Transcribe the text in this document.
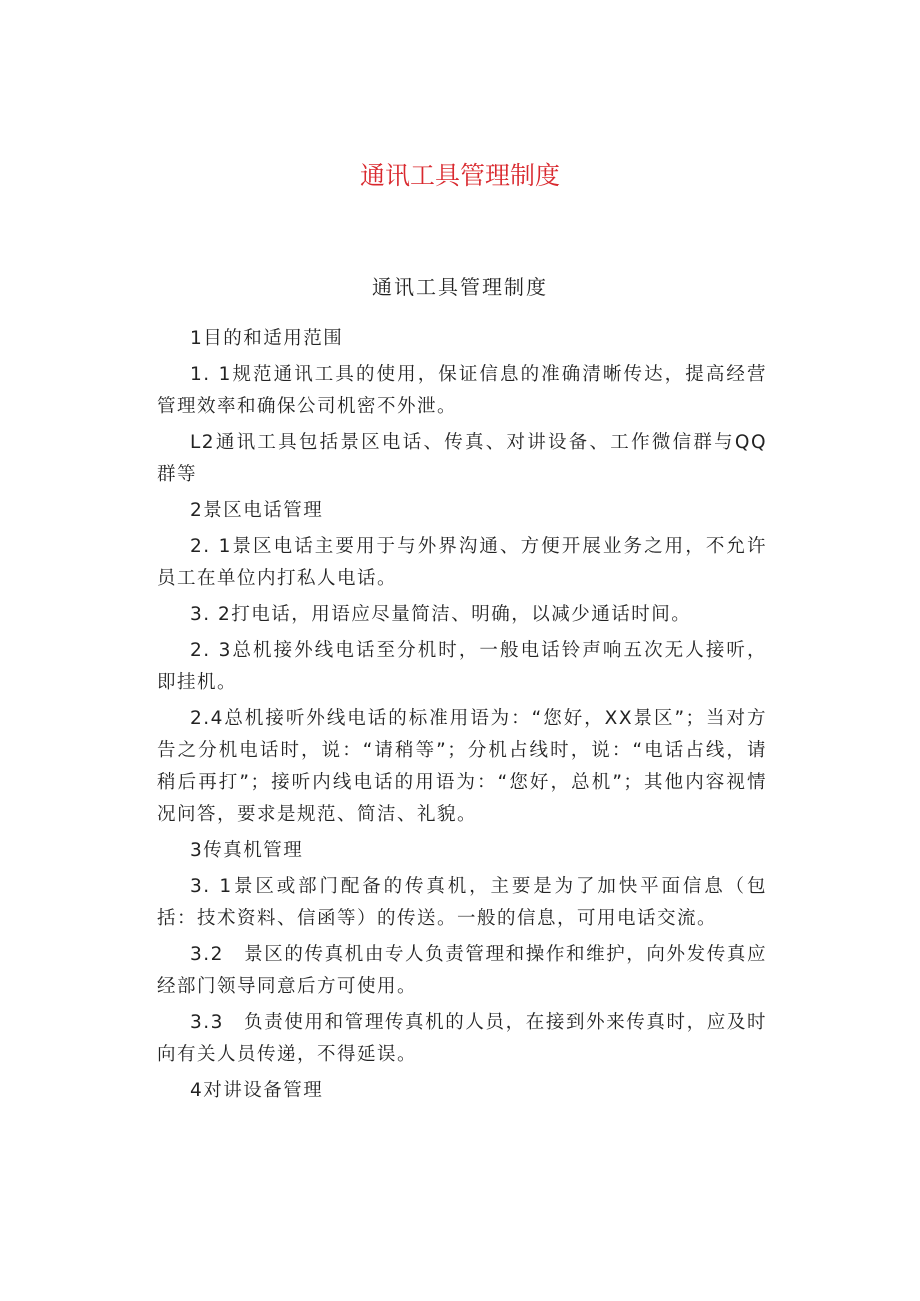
通讯工具管理制度
通讯工具管理制度

1目的和适用范围

1. 1规范通讯工具的使用，保证信息的准确清晰传达，提高经营管理效率和确保公司机密不外泄。

L2通讯工具包括景区电话、传真、对讲设备、工作微信群与QQ群等

2景区电话管理

2. 1景区电话主要用于与外界沟通、方便开展业务之用，不允许员工在单位内打私人电话。

3. 2打电话，用语应尽量简洁、明确，以减少通话时间。

2. 3总机接外线电话至分机时，一般电话铃声响五次无人接听，即挂机。

2.4总机接听外线电话的标准用语为：“您好，XX景区”；当对方告之分机电话时，说：“请稍等”；分机占线时，说：“电话占线，请稍后再打”；接听内线电话的用语为：“您好，总机”；其他内容视情况问答，要求是规范、简洁、礼貌。

3传真机管理

3. 1景区或部门配备的传真机，主要是为了加快平面信息（包括：技术资料、信函等）的传送。一般的信息，可用电话交流。

3.2　景区的传真机由专人负责管理和操作和维护，向外发传真应经部门领导同意后方可使用。

3.3　负责使用和管理传真机的人员，在接到外来传真时，应及时向有关人员传递，不得延误。

4对讲设备管理
